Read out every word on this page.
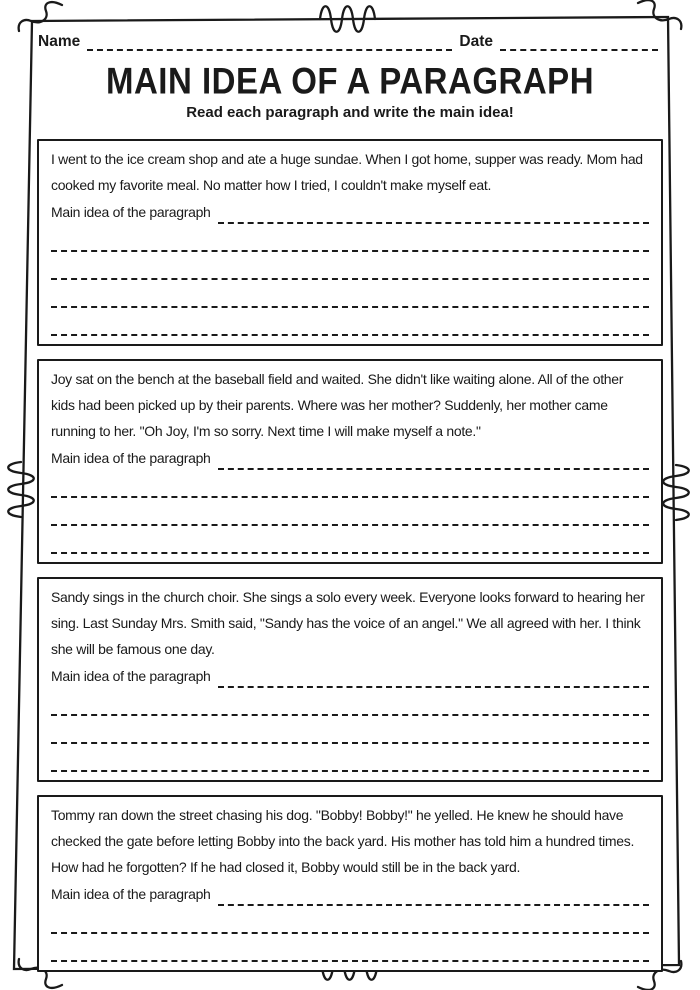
Name	Date
MAIN IDEA OF A PARAGRAPH
Read each paragraph and write the main idea!

I went to the ice cream shop and ate a huge sundae. When I got home, supper was ready. Mom had cooked my favorite meal. No matter how I tried, I couldn't make myself eat.

Main idea of the paragraph

Joy sat on the bench at the baseball field and waited. She didn't like waiting alone. All of the other kids had been picked up by their parents. Where was her mother? Suddenly, her mother came running to her. "Oh Joy, I'm so sorry. Next time I will make myself a note."

Main idea of the paragraph

Sandy sings in the church choir. She sings a solo every week. Everyone looks forward to hearing her sing. Last Sunday Mrs. Smith said, "Sandy has the voice of an angel." We all agreed with her. I think she will be famous one day.

Main idea of the paragraph

Tommy ran down the street chasing his dog. "Bobby! Bobby!" he yelled. He knew he should have checked the gate before letting Bobby into the back yard. His mother has told him a hundred times. How had he forgotten? If he had closed it, Bobby would still be in the back yard.

Main idea of the paragraph
